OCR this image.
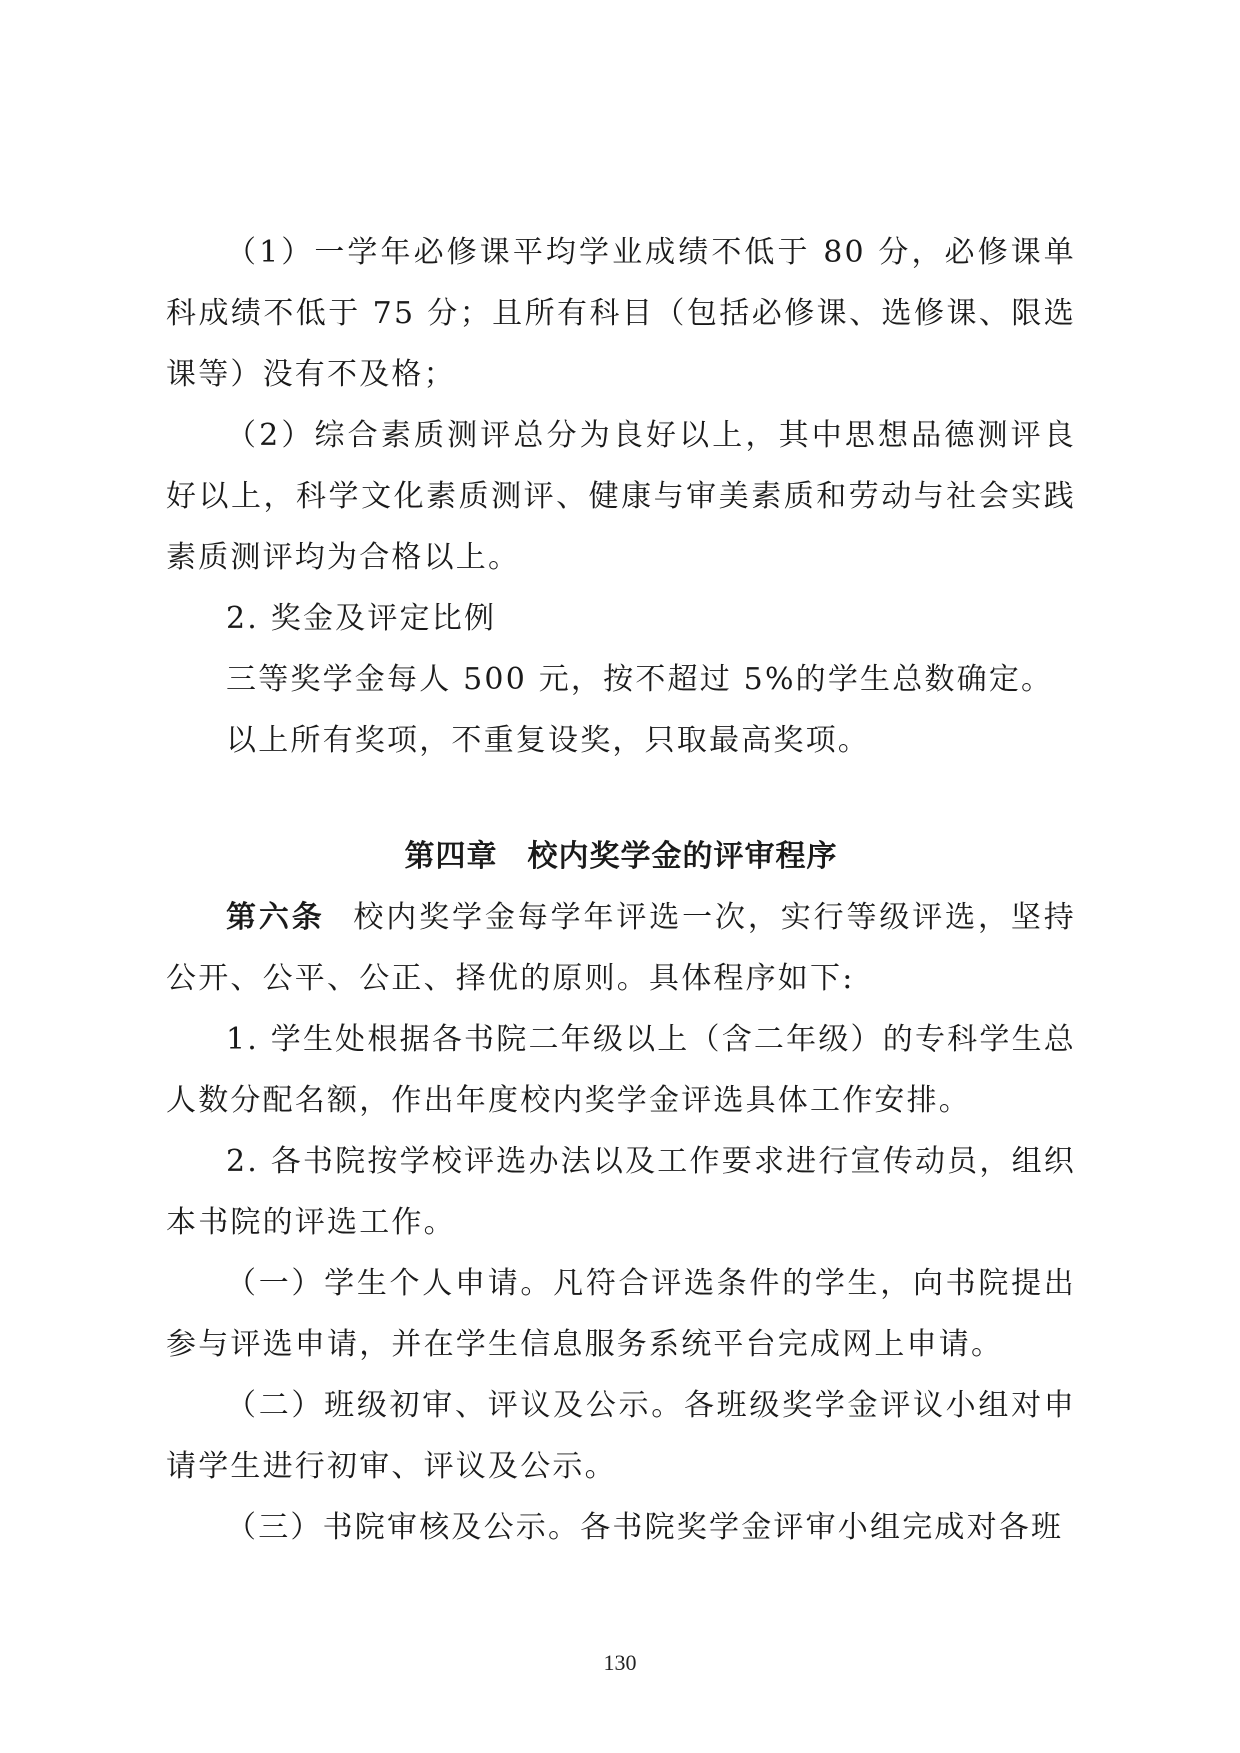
（1）一学年必修课平均学业成绩不低于 80 分，必修课单科成绩不低于 75 分；且所有科目（包括必修课、选修课、限选课等）没有不及格；

（2）综合素质测评总分为良好以上，其中思想品德测评良好以上，科学文化素质测评、健康与审美素质和劳动与社会实践素质测评均为合格以上。

2. 奖金及评定比例

三等奖学金每人 500 元，按不超过 5%的学生总数确定。

以上所有奖项，不重复设奖，只取最高奖项。

第四章 校内奖学金的评审程序

第六条 校内奖学金每学年评选一次，实行等级评选，坚持公开、公平、公正、择优的原则。具体程序如下:

1. 学生处根据各书院二年级以上（含二年级）的专科学生总人数分配名额，作出年度校内奖学金评选具体工作安排。

2. 各书院按学校评选办法以及工作要求进行宣传动员，组织本书院的评选工作。

（一）学生个人申请。凡符合评选条件的学生，向书院提出参与评选申请，并在学生信息服务系统平台完成网上申请。

（二）班级初审、评议及公示。各班级奖学金评议小组对申请学生进行初审、评议及公示。

（三）书院审核及公示。各书院奖学金评审小组完成对各班

130
